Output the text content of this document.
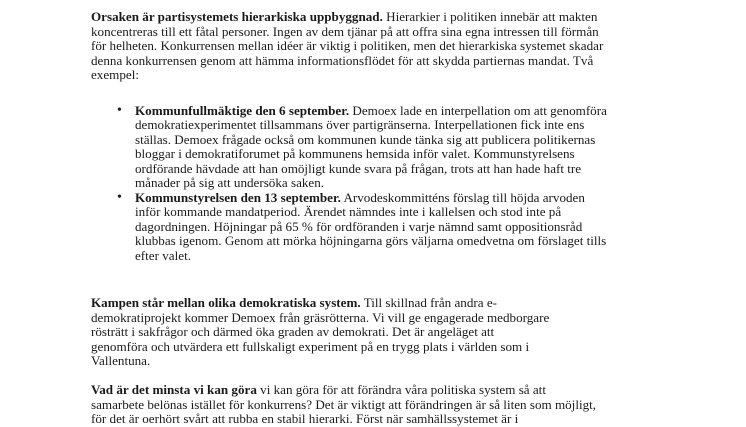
Orsaken är partisystemets hierarkiska uppbyggnad. Hierarkier i politiken innebär att makten koncentreras till ett fåtal personer. Ingen av dem tjänar på att offra sina egna intressen till förmån för helheten. Konkurrensen mellan idéer är viktig i politiken, men det hierarkiska systemet skadar denna konkurrensen genom att hämma informationsflödet för att skydda partiernas mandat. Två exempel:

• Kommunfullmäktige den 6 september. Demoex lade en interpellation om att genomföra demokratiexperimentet tillsammans över partigränserna. Interpellationen fick inte ens ställas. Demoex frågade också om kommunen kunde tänka sig att publicera politikernas bloggar i demokratiforumet på kommunens hemsida inför valet. Kommunstyrelsens ordförande hävdade att han omöjligt kunde svara på frågan, trots att han hade haft tre månader på sig att undersöka saken.
• Kommunstyrelsen den 13 september. Arvodeskommitténs förslag till höjda arvoden inför kommande mandatperiod. Ärendet nämndes inte i kallelsen och stod inte på dagordningen. Höjningar på 65 % för ordföranden i varje nämnd samt oppositionsråd klubbas igenom. Genom att mörka höjningarna görs väljarna omedvetna om förslaget tills efter valet.

Kampen står mellan olika demokratiska system. Till skillnad från andra e-demokratiprojekt kommer Demoex från gräsrötterna. Vi vill ge engagerade medborgare rösträtt i sakfrågor och därmed öka graden av demokrati. Det är angeläget att genomföra och utvärdera ett fullskaligt experiment på en trygg plats i världen som i Vallentuna.

Vad är det minsta vi kan göra vi kan göra för att förändra våra politiska system så att samarbete belönas istället för konkurrens? Det är viktigt att förändringen är så liten som möjligt, för det är oerhört svårt att rubba en stabil hierarki. Först när samhällssystemet är i
